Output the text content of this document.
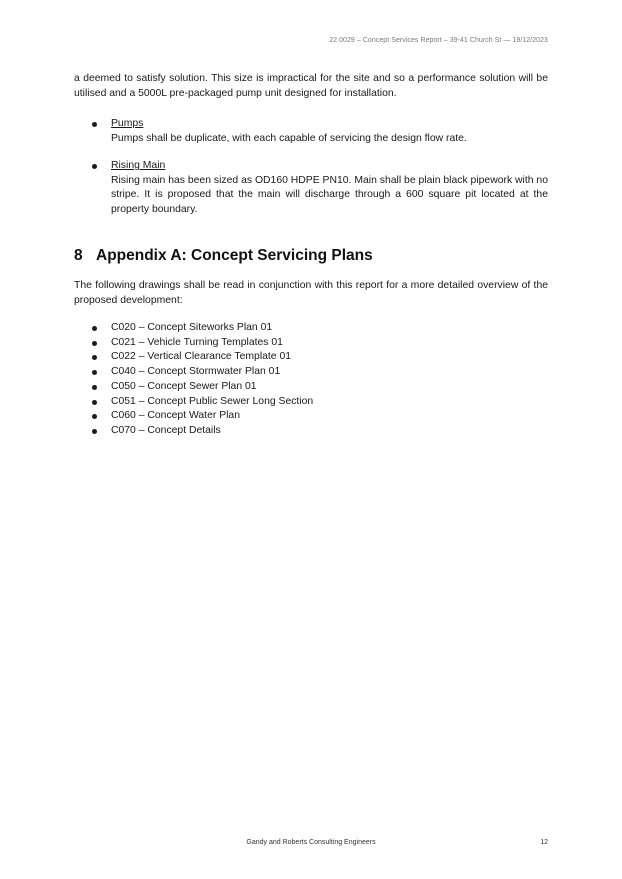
22.0029 – Concept Services Report – 39-41 Church St — 19/12/2023
a deemed to satisfy solution. This size is impractical for the site and so a performance solution will be utilised and a 5000L pre-packaged pump unit designed for installation.
Pumps
Pumps shall be duplicate, with each capable of servicing the design flow rate.
Rising Main
Rising main has been sized as OD160 HDPE PN10. Main shall be plain black pipework with no stripe. It is proposed that the main will discharge through a 600 square pit located at the property boundary.
8 Appendix A: Concept Servicing Plans
The following drawings shall be read in conjunction with this report for a more detailed overview of the proposed development:
C020 – Concept Siteworks Plan 01
C021 – Vehicle Turning Templates 01
C022 – Vertical Clearance Template 01
C040 – Concept Stormwater Plan 01
C050 – Concept Sewer Plan 01
C051 – Concept Public Sewer Long Section
C060 – Concept Water Plan
C070 – Concept Details
Gandy and Roberts Consulting Engineers	12
